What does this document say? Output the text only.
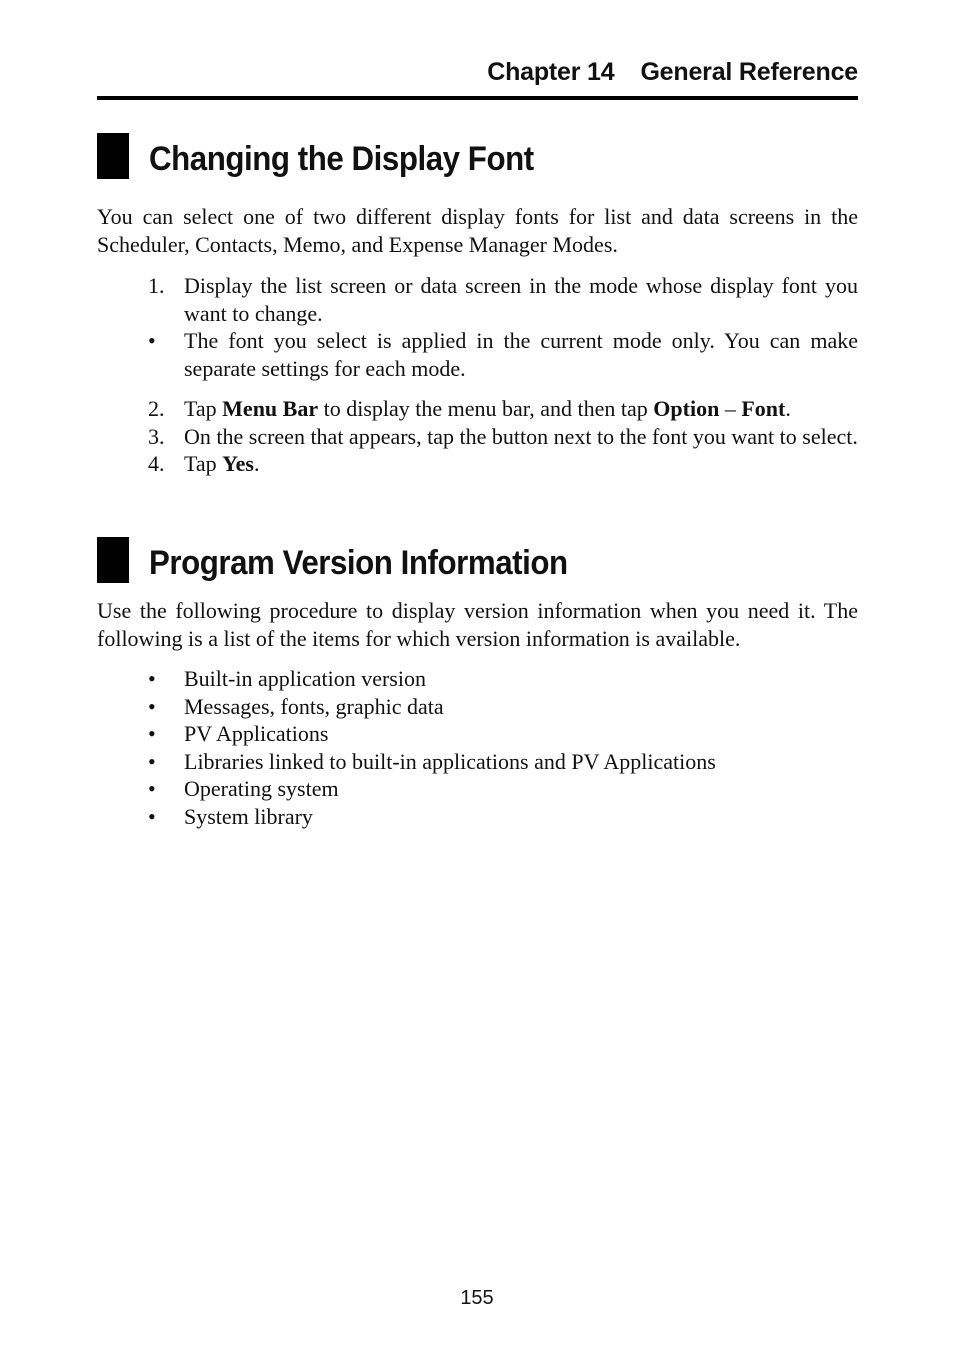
Chapter 14 General Reference
Changing the Display Font
You can select one of two different display fonts for list and data screens in the Scheduler, Contacts, Memo, and Expense Manager Modes.
1. Display the list screen or data screen in the mode whose display font you want to change.
• The font you select is applied in the current mode only. You can make separate settings for each mode.
2. Tap Menu Bar to display the menu bar, and then tap Option – Font.
3. On the screen that appears, tap the button next to the font you want to select.
4. Tap Yes.
Program Version Information
Use the following procedure to display version information when you need it. The following is a list of the items for which version information is available.
• Built-in application version
• Messages, fonts, graphic data
• PV Applications
• Libraries linked to built-in applications and PV Applications
• Operating system
• System library
155
